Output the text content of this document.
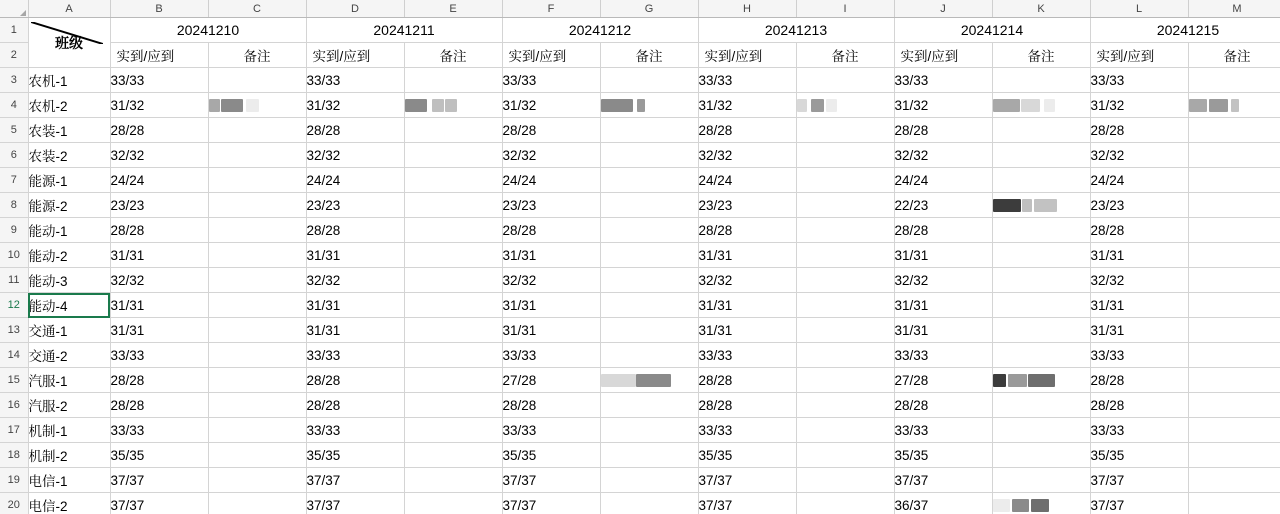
	A	B	C	D	E	F	G	H	I	J	K	L	M
1	班级	20241210		20241211		20241212		20241213		20241214		20241215	
2		实到/应到	备注	实到/应到	备注	实到/应到	备注	实到/应到	备注	实到/应到	备注	实到/应到	备注
3	农机-1	33/33		33/33		33/33		33/33		33/33		33/33	
4	农机-2	31/32		31/32		31/32		31/32		31/32		31/32	

5	农装-1	28/28		28/28		28/28		28/28		28/28		28/28	
6	农装-2	32/32		32/32		32/32		32/32		32/32		32/32	
7	能源-1	24/24		24/24		24/24		24/24		24/24		24/24	
8	能源-2	23/23		23/23		23/23		23/23		22/23		23/23	
9	能动-1	28/28		28/28		28/28		28/28		28/28		28/28	
10	能动-2	31/31		31/31		31/31		31/31		31/31		31/31	
11	能动-3	32/32		32/32		32/32		32/32		32/32		32/32	
12	能动-4	31/31		31/31		31/31		31/31		31/31		31/31	
13	交通-1	31/31		31/31		31/31		31/31		31/31		31/31	
14	交通-2	33/33		33/33		33/33		33/33		33/33		33/33	
15	汽服-1	28/28		28/28		27/28		28/28		27/28		28/28	
16	汽服-2	28/28		28/28		28/28		28/28		28/28		28/28	
17	机制-1	33/33		33/33		33/33		33/33		33/33		33/33	
18	机制-2	35/35		35/35		35/35		35/35		35/35		35/35	
19	电信-1	37/37		37/37		37/37		37/37		37/37		37/37	
20	电信-2	37/37		37/37		37/37		37/37		36/37		37/37	
